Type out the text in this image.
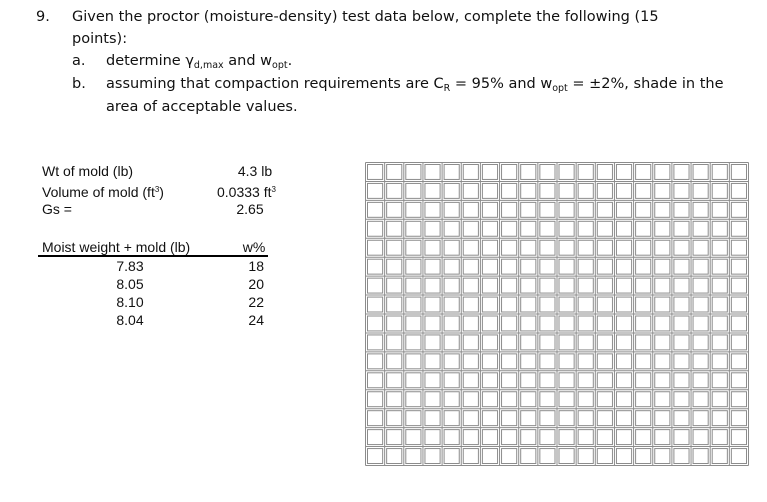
9. Given the proctor (moisture-density) test data below, complete the following (15
points):
a. determine $\gamma_{d,max}$ and $w_{opt}$.
b. assuming that compaction requirements are $C_R = 95\%$ and $w_{opt} = \pm 2\%$, shade in the
area of acceptable values.
Wt of mold (lb)	4.3 lb
Volume of mold $(ft^3)$	0.0333 $ft^3$
Gs =	2.65
Moist weight + mold (lb)	w%
7.83	18
8.05	20
8.10	22
8.04	24
